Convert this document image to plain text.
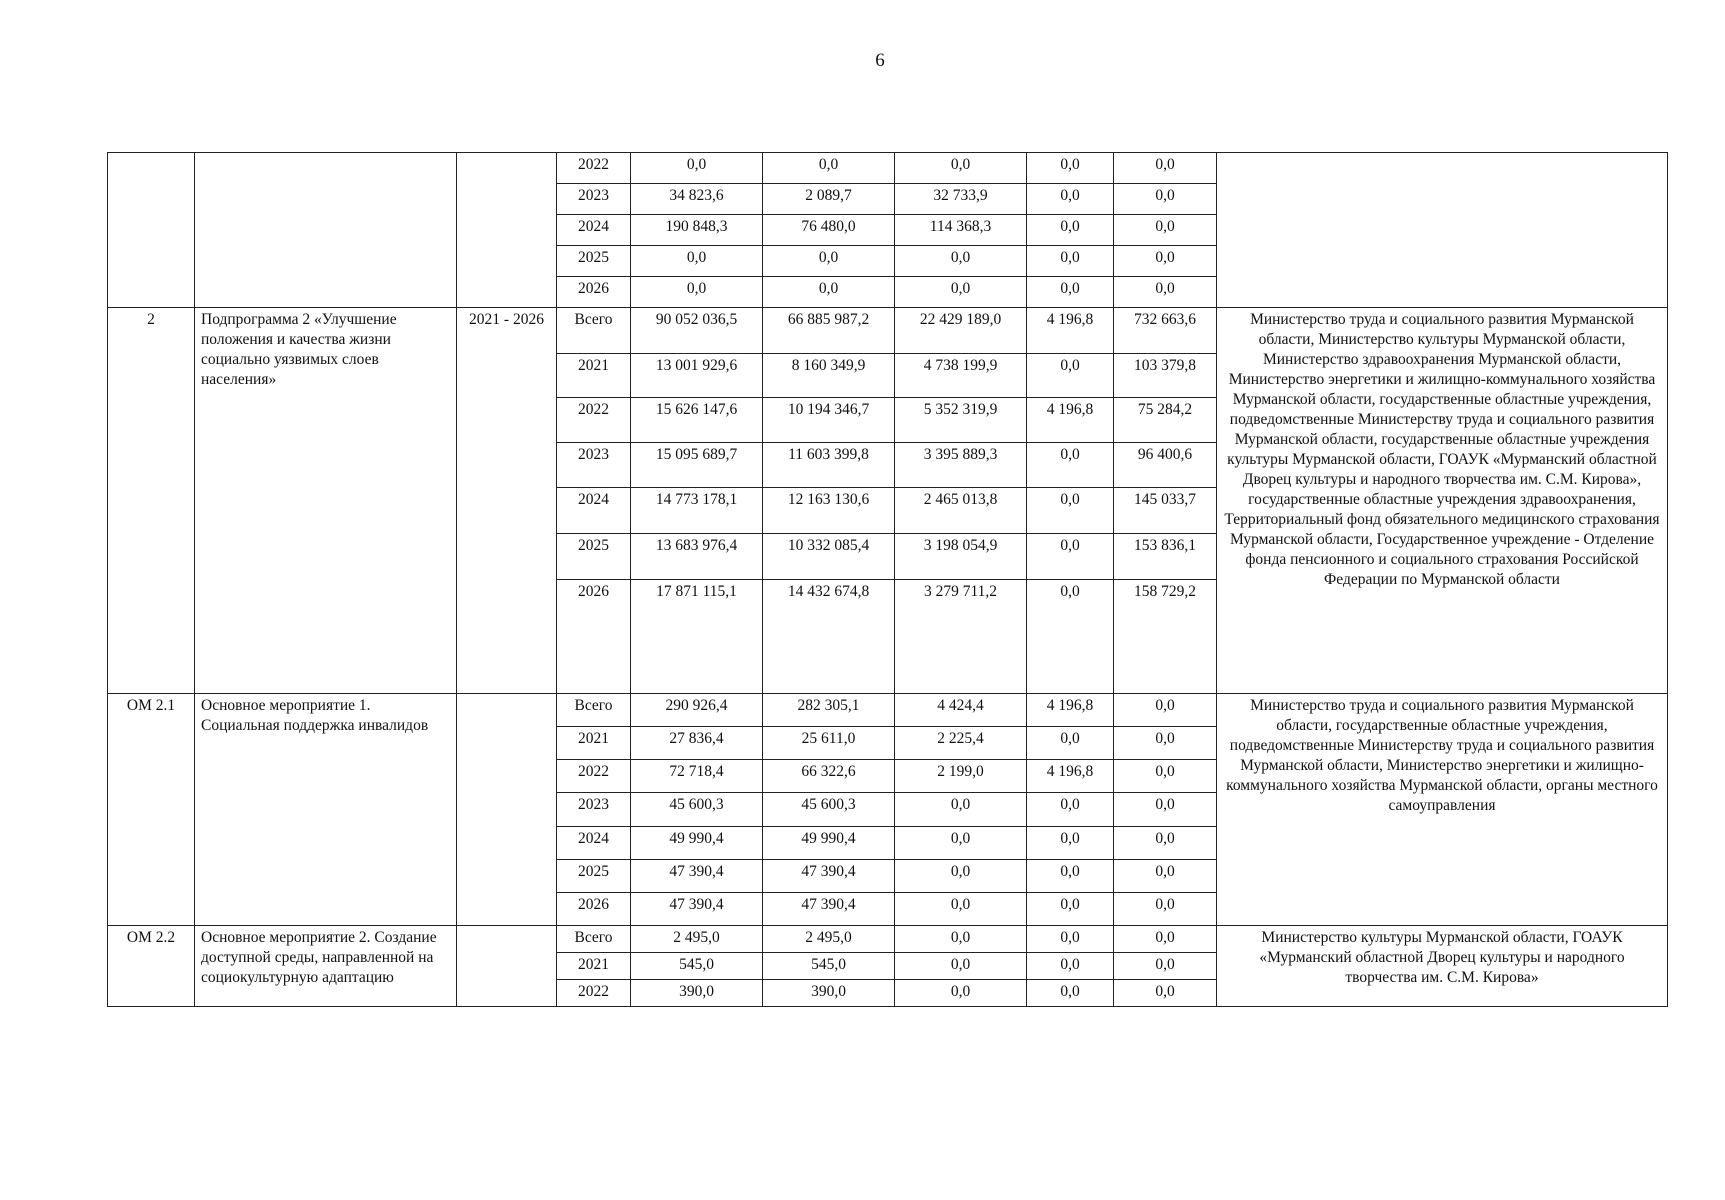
6
			2022	0,0	0,0	0,0	0,0	0,0	
			2023	34 823,6	2 089,7	32 733,9	0,0	0,0	
			2024	190 848,3	76 480,0	114 368,3	0,0	0,0	
			2025	0,0	0,0	0,0	0,0	0,0	
			2026	0,0	0,0	0,0	0,0	0,0	
2	Подпрограмма 2 «Улучшение положения и качества жизни социально уязвимых слоев населения»	2021 - 2026	Всего	90 052 036,5	66 885 987,2	22 429 189,0	4 196,8	732 663,6	Министерство труда и социального развития Мурманской области, Министерство культуры Мурманской области, Министерство здравоохранения Мурманской области, Министерство энергетики и жилищно-коммунального хозяйства Мурманской области, государственные областные учреждения, подведомственные Министерству труда и социального развития Мурманской области, государственные областные учреждения культуры Мурманской области, ГОАУК «Мурманский областной Дворец культуры и народного творчества им. С.М. Кирова», государственные областные учреждения здравоохранения, Территориальный фонд обязательного медицинского страхования Мурманской области, Государственное учреждение - Отделение фонда пенсионного и социального страхования Российской Федерации по Мурманской области
			2021	13 001 929,6	8 160 349,9	4 738 199,9	0,0	103 379,8	
			2022	15 626 147,6	10 194 346,7	5 352 319,9	4 196,8	75 284,2	
			2023	15 095 689,7	11 603 399,8	3 395 889,3	0,0	96 400,6	
			2024	14 773 178,1	12 163 130,6	2 465 013,8	0,0	145 033,7	
			2025	13 683 976,4	10 332 085,4	3 198 054,9	0,0	153 836,1	
			2026	17 871 115,1	14 432 674,8	3 279 711,2	0,0	158 729,2	
ОМ 2.1	Основное мероприятие 1. Социальная поддержка инвалидов		Всего	290 926,4	282 305,1	4 424,4	4 196,8	0,0	Министерство труда и социального развития Мурманской области, государственные областные учреждения, подведомственные Министерству труда и социального развития Мурманской области, Министерство энергетики и жилищно-коммунального хозяйства Мурманской области, органы местного самоуправления
			2021	27 836,4	25 611,0	2 225,4	0,0	0,0	
			2022	72 718,4	66 322,6	2 199,0	4 196,8	0,0	
			2023	45 600,3	45 600,3	0,0	0,0	0,0	
			2024	49 990,4	49 990,4	0,0	0,0	0,0	
			2025	47 390,4	47 390,4	0,0	0,0	0,0	
			2026	47 390,4	47 390,4	0,0	0,0	0,0	
ОМ 2.2	Основное мероприятие 2. Создание доступной среды, направленной на социокультурную адаптацию		Всего	2 495,0	2 495,0	0,0	0,0	0,0	Министерство культуры Мурманской области, ГОАУК «Мурманский областной Дворец культуры и народного творчества им. С.М. Кирова»
			2021	545,0	545,0	0,0	0,0	0,0	
			2022	390,0	390,0	0,0	0,0	0,0	
